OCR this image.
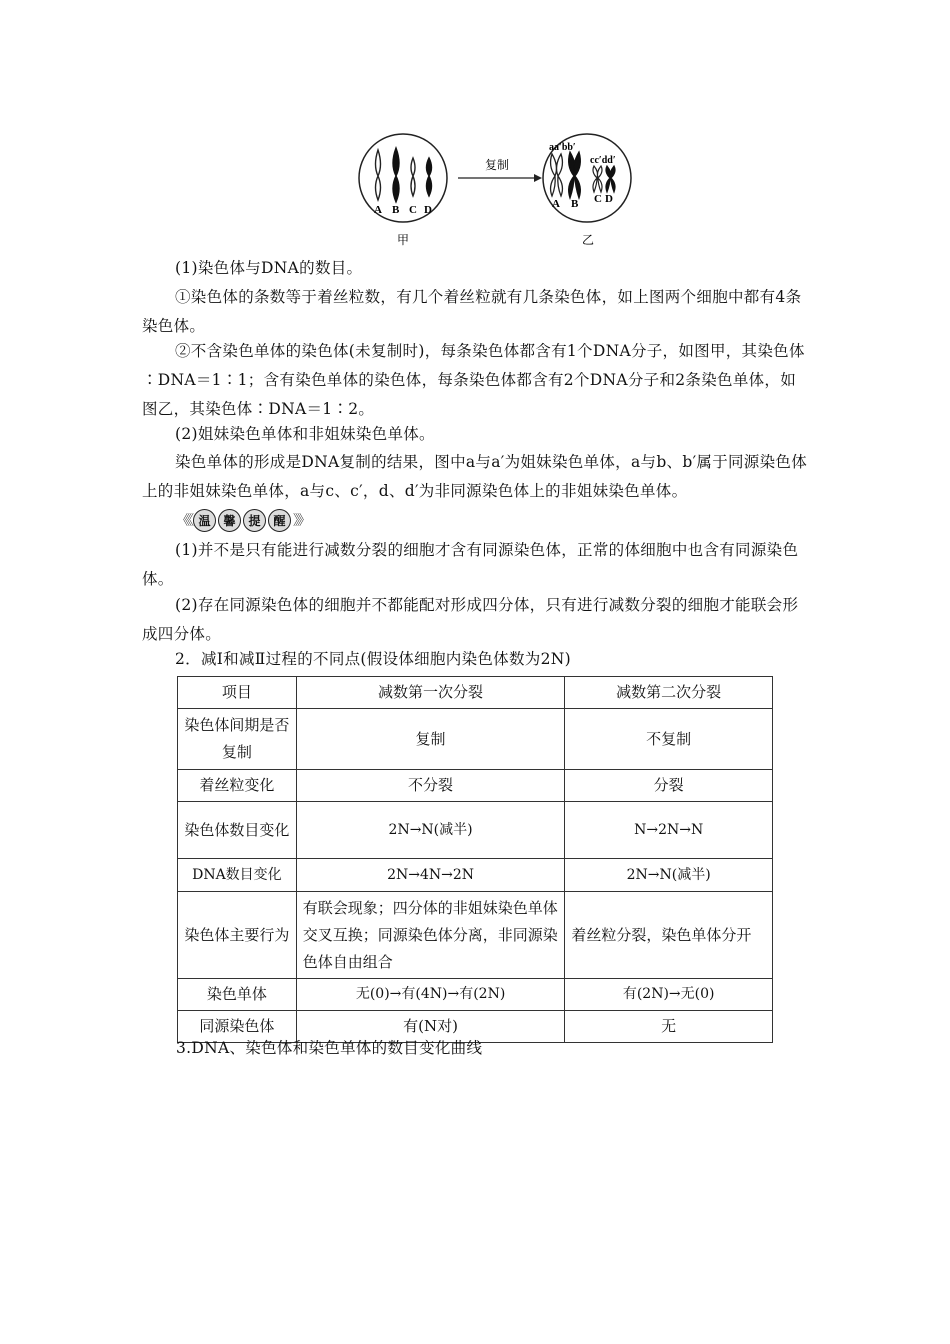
A B C D
甲
复制
aa′bb′
cc′dd′
A B C D
乙
(1)染色体与DNA的数目。
①染色体的条数等于着丝粒数，有几个着丝粒就有几条染色体，如上图两个细胞中都有4条染色体。
②不含染色单体的染色体(未复制时)，每条染色体都含有1个DNA分子，如图甲，其染色体∶DNA＝1∶1；含有染色单体的染色体，每条染色体都含有2个DNA分子和2条染色单体，如图乙，其染色体∶DNA＝1∶2。
(2)姐妹染色单体和非姐妹染色单体。
染色单体的形成是DNA复制的结果，图中a与a′为姐妹染色单体，a与b、b′属于同源染色体上的非姐妹染色单体，a与c、c′，d、d′为非同源染色体上的非姐妹染色单体。
《《 温	馨	提	醒 》》
(1)并不是只有能进行减数分裂的细胞才含有同源染色体，正常的体细胞中也含有同源染色体。
(2)存在同源染色体的细胞并不都能配对形成四分体，只有进行减数分裂的细胞才能联会形成四分体。
2．减Ⅰ和减Ⅱ过程的不同点(假设体细胞内染色体数为2N)
项目	减数第一次分裂	减数第二次分裂
染色体间期是否复制	复制	不复制
着丝粒变化	不分裂	分裂
染色体数目变化	2N→N(减半)	N→2N→N
DNA数目变化	2N→4N→2N	2N→N(减半)
染色体主要行为	有联会现象；四分体的非姐妹染色单体交叉互换；同源染色体分离，非同源染色体自由组合	着丝粒分裂，染色单体分开
染色单体	无(0)→有(4N)→有(2N)	有(2N)→无(0)
同源染色体	有(N对)	无
3.DNA、染色体和染色单体的数目变化曲线
